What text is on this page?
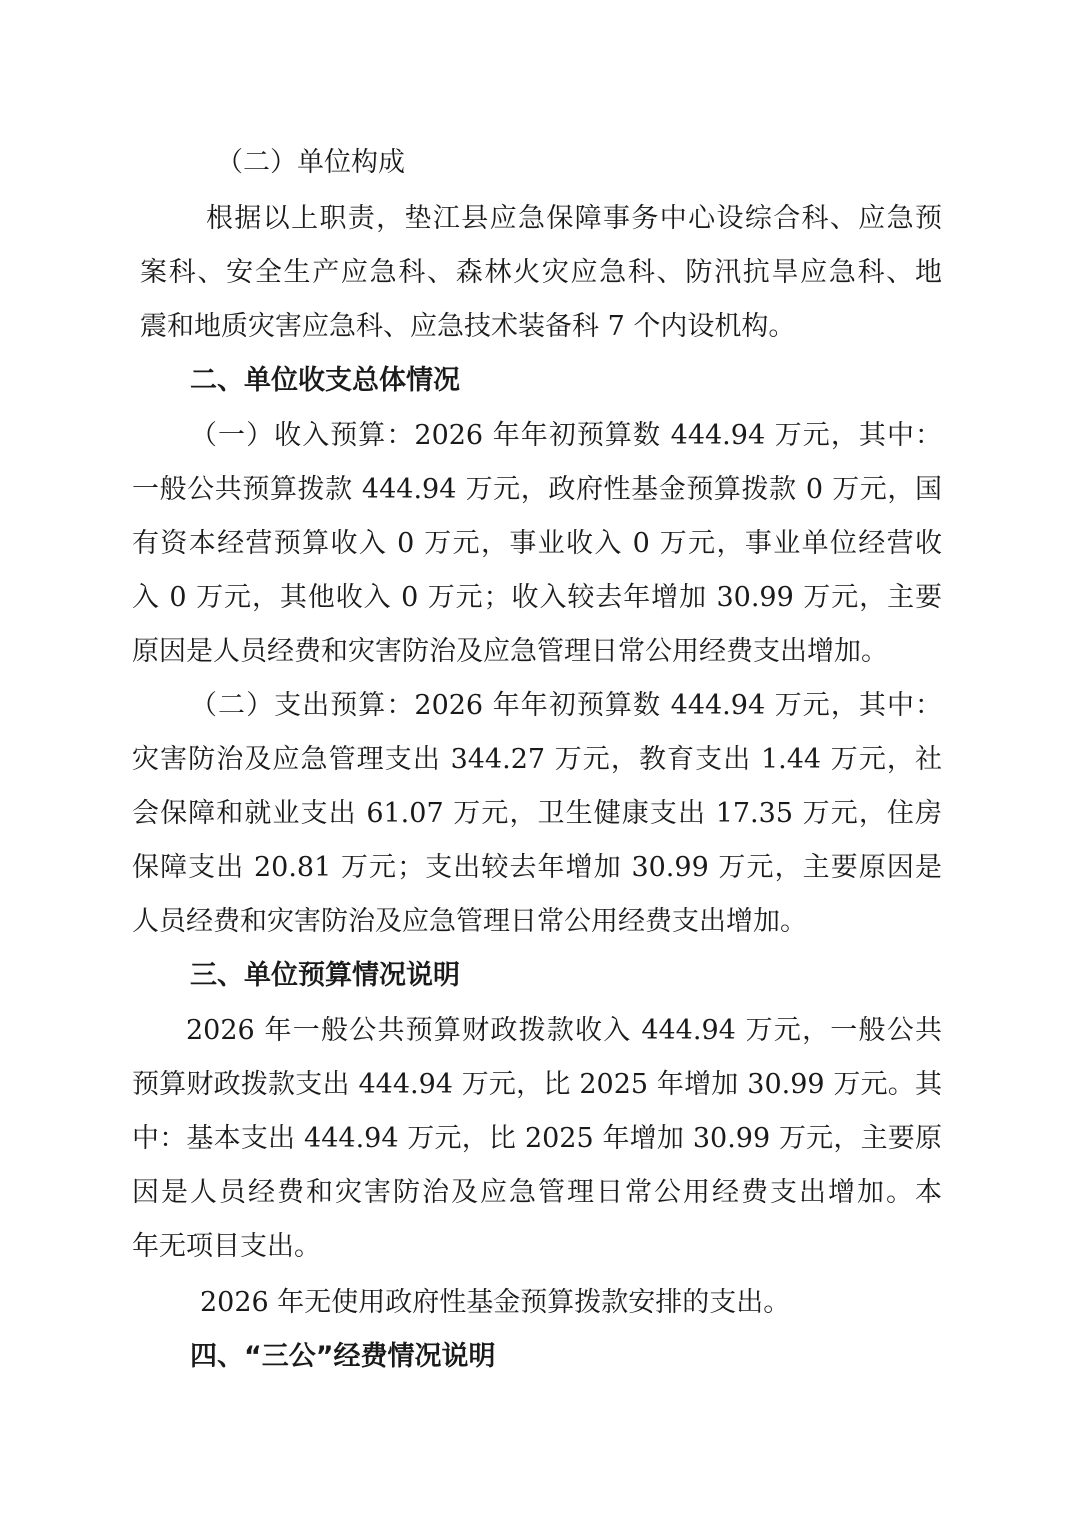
（二）单位构成
根据以上职责，垫江县应急保障事务中心设综合科、应急预
案科、安全生产应急科、森林火灾应急科、防汛抗旱应急科、地
震和地质灾害应急科、应急技术装备科 7 个内设机构。
二、单位收支总体情况
（一）收入预算：2026 年年初预算数 444.94 万元，其中：
一般公共预算拨款 444.94 万元，政府性基金预算拨款 0 万元，国
有资本经营预算收入 0 万元，事业收入 0 万元，事业单位经营收
入 0 万元，其他收入 0 万元；收入较去年增加 30.99 万元，主要
原因是人员经费和灾害防治及应急管理日常公用经费支出增加。
（二）支出预算：2026 年年初预算数 444.94 万元，其中：
灾害防治及应急管理支出 344.27 万元，教育支出 1.44 万元，社
会保障和就业支出 61.07 万元，卫生健康支出 17.35 万元，住房
保障支出 20.81 万元；支出较去年增加 30.99 万元，主要原因是
人员经费和灾害防治及应急管理日常公用经费支出增加。
三、单位预算情况说明
2026 年一般公共预算财政拨款收入 444.94 万元，一般公共
预算财政拨款支出 444.94 万元，比 2025 年增加 30.99 万元。其
中：基本支出 444.94 万元，比 2025 年增加 30.99 万元，主要原
因是人员经费和灾害防治及应急管理日常公用经费支出增加。本
年无项目支出。
2026 年无使用政府性基金预算拨款安排的支出。
四、“三公”经费情况说明
